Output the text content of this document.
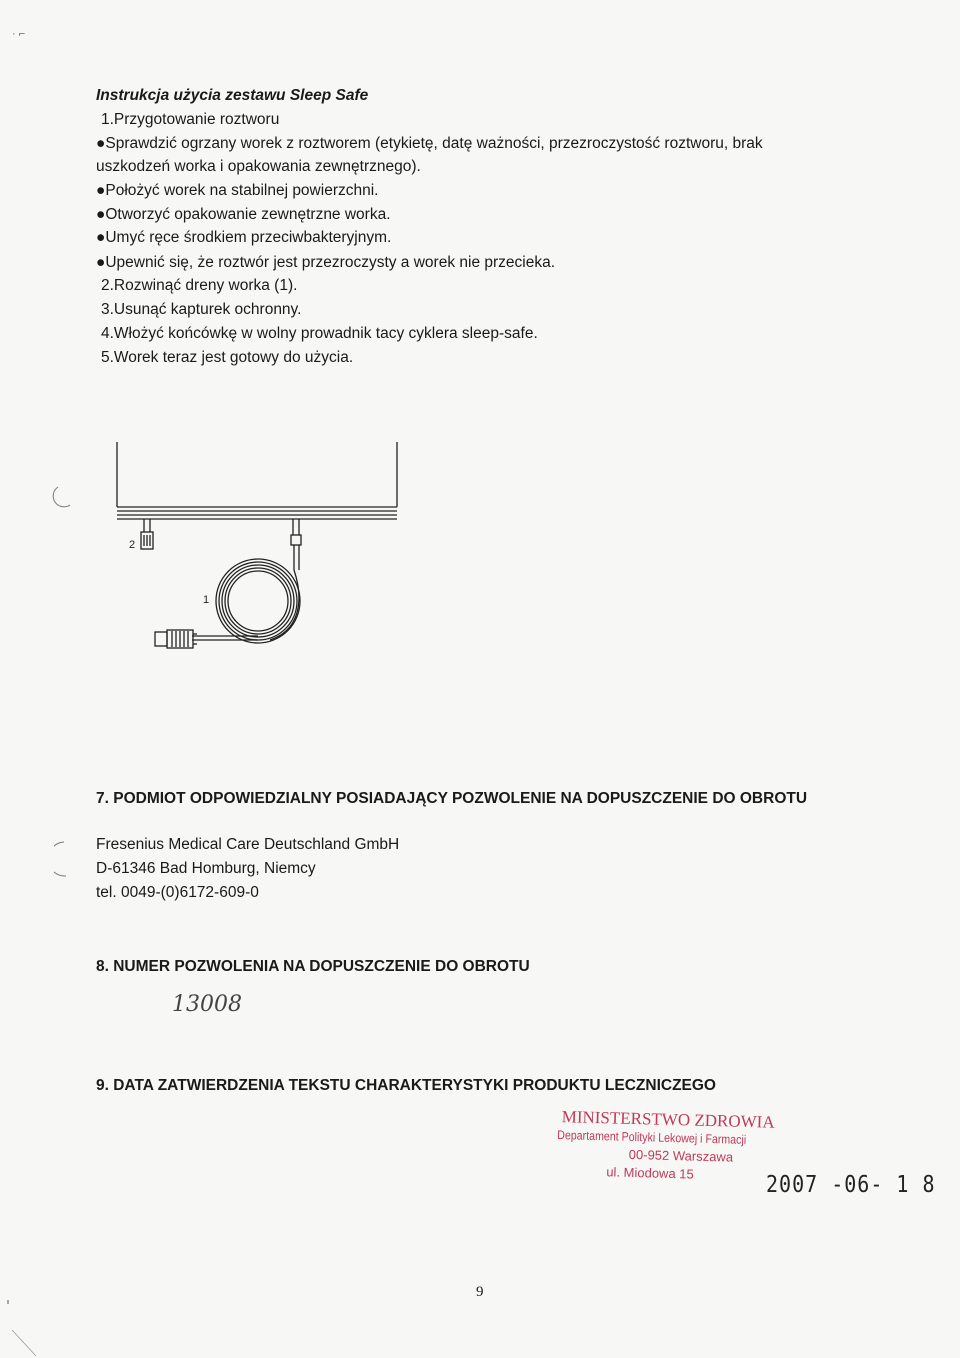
· ⌐
Instrukcja użycia zestawu Sleep Safe
1.Przygotowanie roztworu
●Sprawdzić ogrzany worek z roztworem (etykietę, datę ważności, przezroczystość roztworu, brak
uszkodzeń worka i opakowania zewnętrznego).
●Położyć worek na stabilnej powierzchni.
●Otworzyć opakowanie zewnętrzne worka.
●Umyć ręce środkiem przeciwbakteryjnym.
●Upewnić się, że roztwór jest przezroczysty a worek nie przecieka.
2.Rozwinąć dreny worka (1).
3.Usunąć kapturek ochronny.
4.Włożyć końcówkę w wolny prowadnik tacy cyklera sleep-safe.
5.Worek teraz jest gotowy do użycia.
2
1
7. PODMIOT ODPOWIEDZIALNY POSIADAJĄCY POZWOLENIE NA DOPUSZCZENIE DO OBROTU
Fresenius Medical Care Deutschland GmbH
D-61346 Bad Homburg, Niemcy
tel. 0049-(0)6172-609-0
8. NUMER POZWOLENIA NA DOPUSZCZENIE DO OBROTU
13008
9. DATA ZATWIERDZENIA TEKSTU CHARAKTERYSTYKI PRODUKTU LECZNICZEGO
MINISTERSTWO ZDROWIA
Departament Polityki Lekowej i Farmacji
00-952 Warszawa
ul. Miodowa 15	2007 -06- 1 8
9
